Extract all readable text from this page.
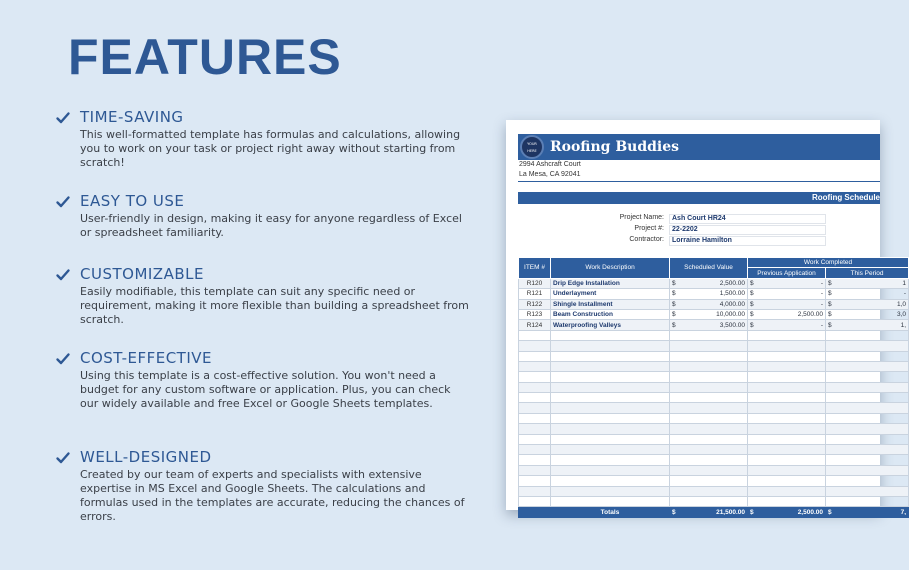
FEATURES
TIME-SAVING
This well-formatted template has formulas and calculations, allowing you to work on your task or project right away without starting from scratch!
EASY TO USE
User-friendly in design, making it easy for anyone regardless of Excel or spreadsheet familiarity.
CUSTOMIZABLE
Easily modifiable, this template can suit any specific need or requirement, making it more flexible than building a spreadsheet from scratch.
COST-EFFECTIVE
Using this template is a cost-effective solution. You won't need a budget for any custom software or application. Plus, you can check our widely available and free Excel or Google Sheets templates.
WELL-DESIGNED
Created by our team of experts and specialists with extensive expertise in MS Excel and Google Sheets. The calculations and formulas used in the templates are accurate, reducing the chances of errors.
YOUR
HERE Roofing Buddies
2994 Ashcraft Court
La Mesa, CA 92041
Roofing Schedule
Project Name:	Ash Court HR24
Project #:	22-2202
Contractor:	Lorraine Hamilton
ITEM #	Work Description	Scheduled Value	Work Completed	
			Previous Application	This Period
R120	Drip Edge Installation	$ 2,500.00	$ -	$ 1

R121	Underlayment	$ 1,500.00	$ -	$ -

R122	Shingle Installment	$ 4,000.00	$ -	$ 1,0

R123	Beam Construction	$ 10,000.00	$ 2,500.00	$ 3,0

R124	Waterproofing Valleys	$ 3,500.00	$ -	$ 1,

	Totals	$ 21,500.00	$ 2,500.00	$ 7,
